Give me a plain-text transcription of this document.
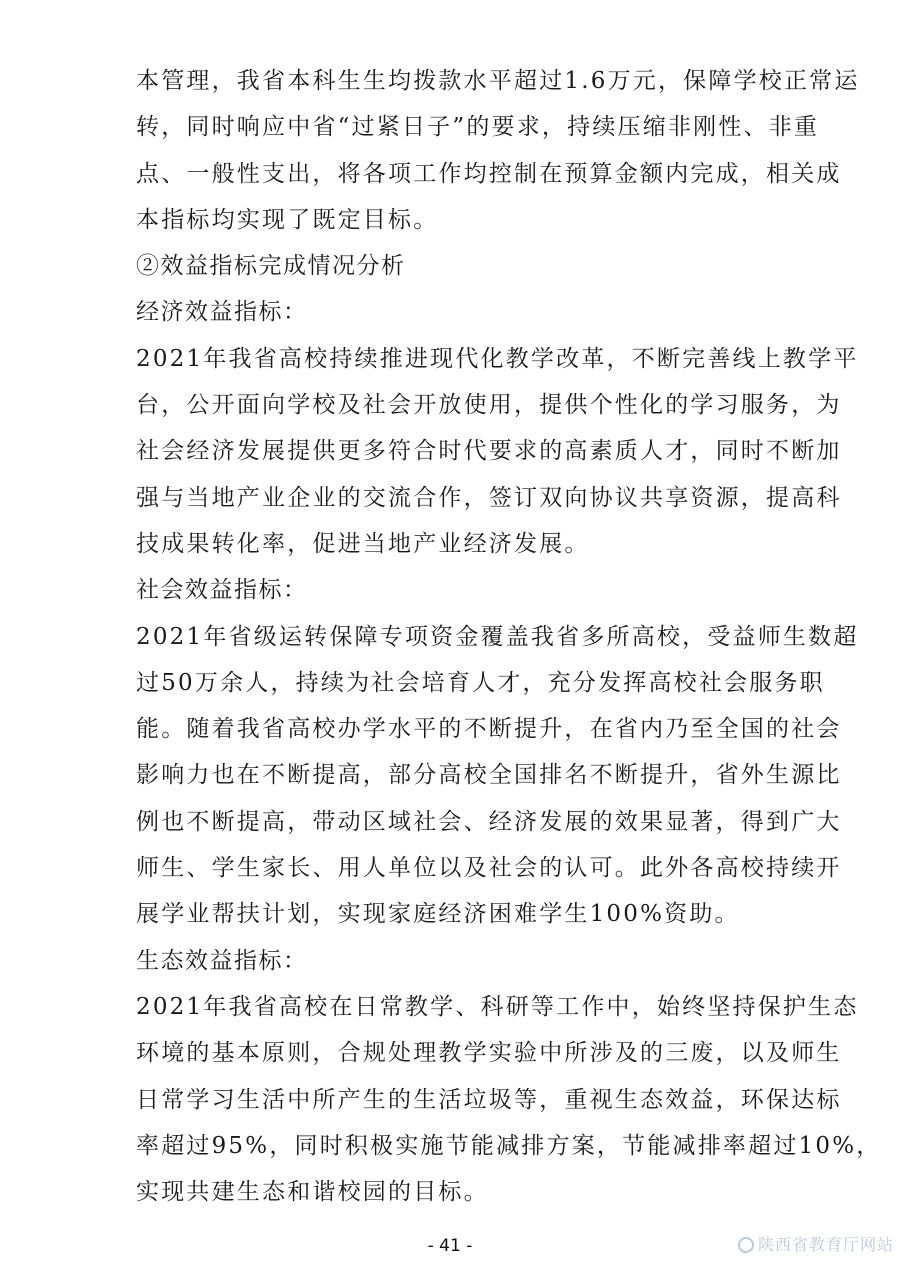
本管理，我省本科生生均拨款水平超过1.6万元，保障学校正常运
转，同时响应中省“过紧日子”的要求，持续压缩非刚性、非重
点、一般性支出，将各项工作均控制在预算金额内完成，相关成
本指标均实现了既定目标。
②效益指标完成情况分析
经济效益指标：
2021年我省高校持续推进现代化教学改革，不断完善线上教学平
台，公开面向学校及社会开放使用，提供个性化的学习服务，为
社会经济发展提供更多符合时代要求的高素质人才，同时不断加
强与当地产业企业的交流合作，签订双向协议共享资源，提高科
技成果转化率，促进当地产业经济发展。
社会效益指标：
2021年省级运转保障专项资金覆盖我省多所高校，受益师生数超
过50万余人，持续为社会培育人才，充分发挥高校社会服务职
能。随着我省高校办学水平的不断提升，在省内乃至全国的社会
影响力也在不断提高，部分高校全国排名不断提升，省外生源比
例也不断提高，带动区域社会、经济发展的效果显著，得到广大
师生、学生家长、用人单位以及社会的认可。此外各高校持续开
展学业帮扶计划，实现家庭经济困难学生100%资助。
生态效益指标：
2021年我省高校在日常教学、科研等工作中，始终坚持保护生态
环境的基本原则，合规处理教学实验中所涉及的三废，以及师生
日常学习生活中所产生的生活垃圾等，重视生态效益，环保达标
率超过95%，同时积极实施节能减排方案，节能减排率超过10%，
实现共建生态和谐校园的目标。
- 41 -	陕西省教育厅网站
